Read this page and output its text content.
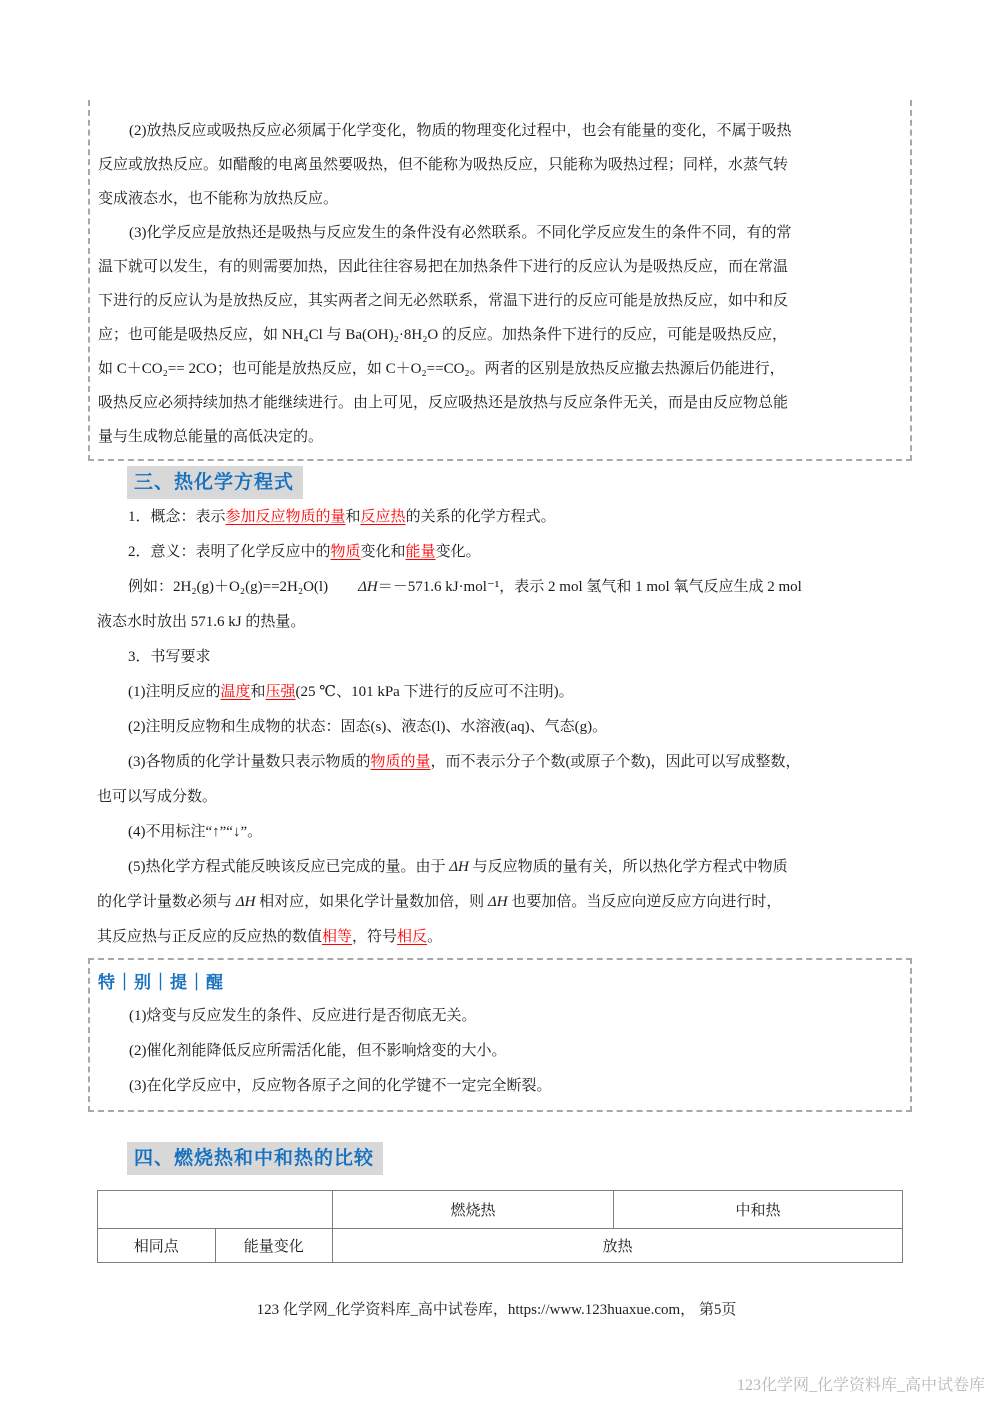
(2)放热反应或吸热反应必须属于化学变化，物质的物理变化过程中，也会有能量的变化，不属于吸热
反应或放热反应。如醋酸的电离虽然要吸热，但不能称为吸热反应，只能称为吸热过程；同样，水蒸气转
变成液态水，也不能称为放热反应。
(3)化学反应是放热还是吸热与反应发生的条件没有必然联系。不同化学反应发生的条件不同，有的常
温下就可以发生，有的则需要加热，因此往往容易把在加热条件下进行的反应认为是吸热反应，而在常温
下进行的反应认为是放热反应，其实两者之间无必然联系，常温下进行的反应可能是放热反应，如中和反
应；也可能是吸热反应，如 NH₄Cl 与 Ba(OH)₂·8H₂O 的反应。加热条件下进行的反应，可能是吸热反应，
如 C＋CO₂== 2CO；也可能是放热反应，如 C＋O₂==CO₂。两者的区别是放热反应撤去热源后仍能进行，
吸热反应必须持续加热才能继续进行。由上可见，反应吸热还是放热与反应条件无关，而是由反应物总能
量与生成物总能量的高低决定的。
三、热化学方程式
1．概念：表示参加反应物质的量和反应热的关系的化学方程式。
2．意义：表明了化学反应中的物质变化和能量变化。
例如：2H₂(g)＋O₂(g)==2H₂O(l)　　ΔH＝－571.6 kJ·mol⁻¹，表示 2 mol 氢气和 1 mol 氧气反应生成 2 mol
液态水时放出 571.6 kJ 的热量。
3．书写要求
(1)注明反应的温度和压强(25 ℃、101 kPa 下进行的反应可不注明)。
(2)注明反应物和生成物的状态：固态(s)、液态(l)、水溶液(aq)、气态(g)。
(3)各物质的化学计量数只表示物质的物质的量，而不表示分子个数(或原子个数)，因此可以写成整数，
也可以写成分数。
(4)不用标注“↑”“↓”。
(5)热化学方程式能反映该反应已完成的量。由于 ΔH 与反应物质的量有关，所以热化学方程式中物质
的化学计量数必须与 ΔH 相对应，如果化学计量数加倍，则 ΔH 也要加倍。当反应向逆反应方向进行时，
其反应热与正反应的反应热的数值相等，符号相反。
特｜别｜提｜醒
(1)焓变与反应发生的条件、反应进行是否彻底无关。
(2)催化剂能降低反应所需活化能，但不影响焓变的大小。
(3)在化学反应中，反应物各原子之间的化学键不一定完全断裂。
四、燃烧热和中和热的比较
		燃烧热	中和热
相同点	能量变化	放热	
123 化学网_化学资料库_高中试卷库，https://www.123huaxue.com， 第5页
123化学网_化学资料库_高中试卷库
